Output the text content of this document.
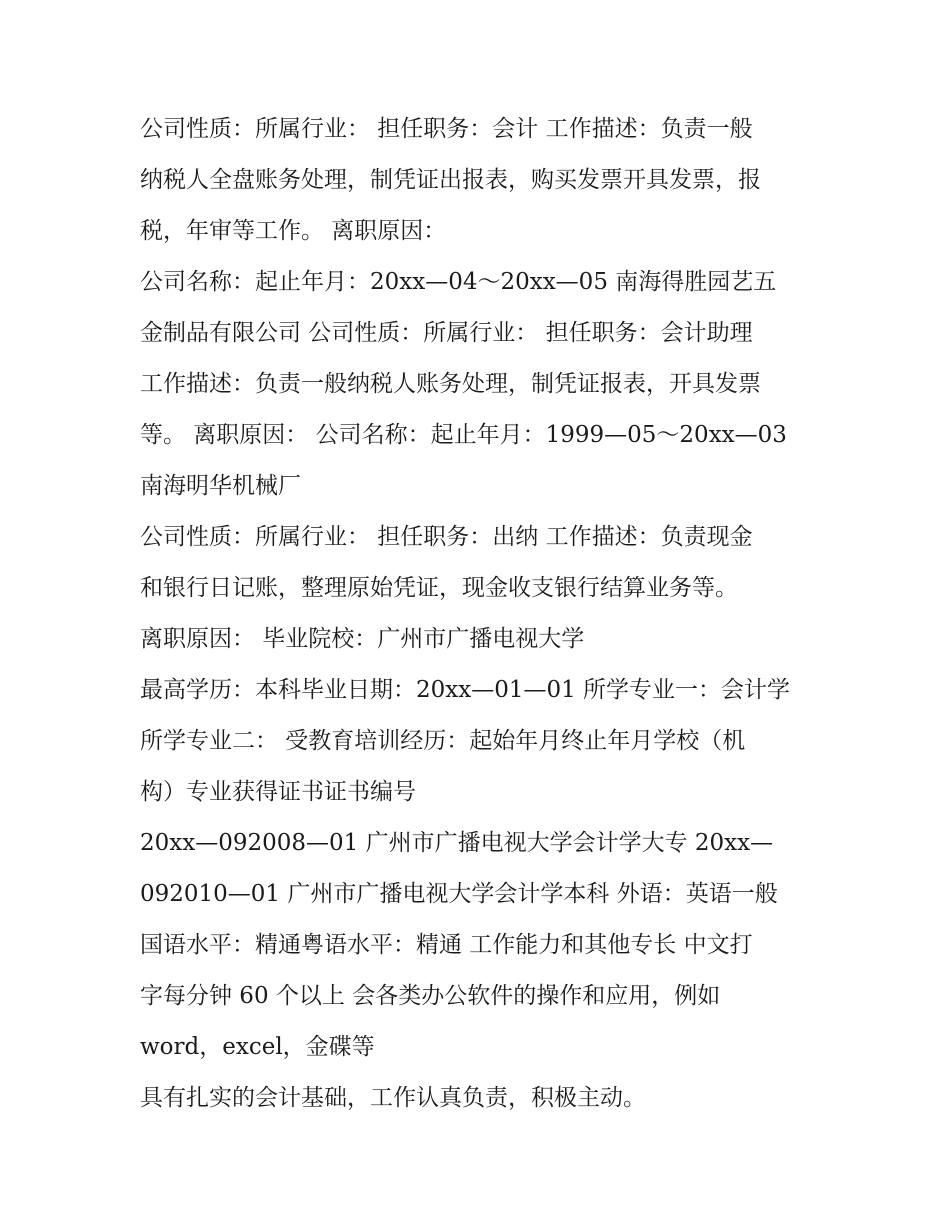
公司性质：所属行业： 担任职务：会计 工作描述：负责一般
纳税人全盘账务处理，制凭证出报表，购买发票开具发票，报
税，年审等工作。 离职原因：
公司名称：起止年月：20xx—04～20xx—05 南海得胜园艺五
金制品有限公司 公司性质：所属行业： 担任职务：会计助理
工作描述：负责一般纳税人账务处理，制凭证报表，开具发票
等。 离职原因： 公司名称：起止年月：1999—05～20xx—03
南海明华机械厂
公司性质：所属行业： 担任职务：出纳 工作描述：负责现金
和银行日记账，整理原始凭证，现金收支银行结算业务等。
离职原因： 毕业院校：广州市广播电视大学
最高学历：本科毕业日期：20xx—01—01 所学专业一：会计学
所学专业二： 受教育培训经历：起始年月终止年月学校（机
构）专业获得证书证书编号
20xx—092008—01 广州市广播电视大学会计学大专 20xx—
092010—01 广州市广播电视大学会计学本科 外语：英语一般
国语水平：精通粤语水平：精通 工作能力和其他专长 中文打
字每分钟 60 个以上 会各类办公软件的操作和应用，例如
word，excel，金碟等
具有扎实的会计基础，工作认真负责，积极主动。
